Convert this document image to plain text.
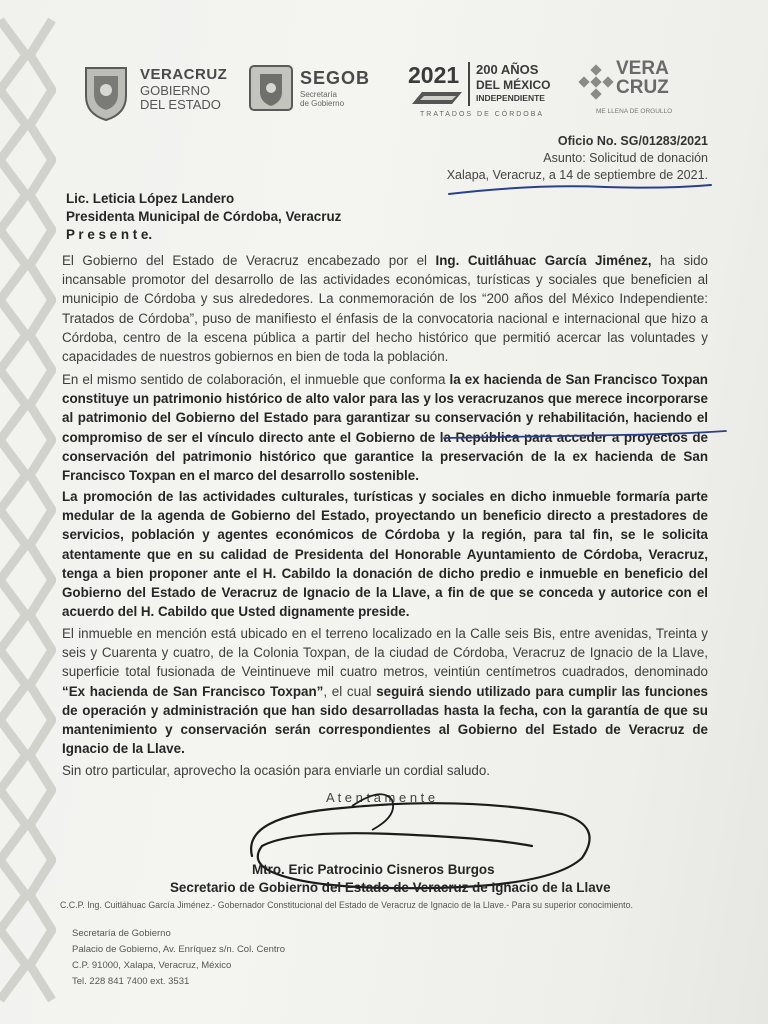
VERACRUZ
GOBIERNO
DEL ESTADO
SEGOB
Secretaría
de Gobierno
2021 200 AÑOS
DEL MÉXICO
INDEPENDIENTE
TRATADOS DE CÓRDOBA
VERA
CRUZ
ME LLENA DE ORGULLO
Oficio No. SG/01283/2021
Asunto: Solicitud de donación
Xalapa, Veracruz, a 14 de septiembre de 2021.
Lic. Leticia López Landero
Presidenta Municipal de Córdoba, Veracruz
P r e s e n t e.

El Gobierno del Estado de Veracruz encabezado por el Ing. Cuitláhuac García Jiménez, ha sido incansable promotor del desarrollo de las actividades económicas, turísticas y sociales que beneficien al municipio de Córdoba y sus alrededores. La conmemoración de los “200 años del México Independiente: Tratados de Córdoba”, puso de manifiesto el énfasis de la convocatoria nacional e internacional que hizo a Córdoba, centro de la escena pública a partir del hecho histórico que permitió acercar las voluntades y capacidades de nuestros gobiernos en bien de toda la población.

En el mismo sentido de colaboración, el inmueble que conforma la ex hacienda de San Francisco Toxpan constituye un patrimonio histórico de alto valor para las y los veracruzanos que merece incorporarse al patrimonio del Gobierno del Estado para garantizar su conservación y rehabilitación, haciendo el compromiso de ser el vínculo directo ante el Gobierno de la República para acceder a proyectos de conservación del patrimonio histórico que garantice la preservación de la ex hacienda de San Francisco Toxpan en el marco del desarrollo sostenible.

La promoción de las actividades culturales, turísticas y sociales en dicho inmueble formaría parte medular de la agenda de Gobierno del Estado, proyectando un beneficio directo a prestadores de servicios, población y agentes económicos de Córdoba y la región, para tal fin, se le solicita atentamente que en su calidad de Presidenta del Honorable Ayuntamiento de Córdoba, Veracruz, tenga a bien proponer ante el H. Cabildo la donación de dicho predio e inmueble en beneficio del Gobierno del Estado de Veracruz de Ignacio de la Llave, a fin de que se conceda y autorice con el acuerdo del H. Cabildo que Usted dignamente preside.

El inmueble en mención está ubicado en el terreno localizado en la Calle seis Bis, entre avenidas, Treinta y seis y Cuarenta y cuatro, de la Colonia Toxpan, de la ciudad de Córdoba, Veracruz de Ignacio de la Llave, superficie total fusionada de Veintinueve mil cuatro metros, veintiún centímetros cuadrados, denominado “Ex hacienda de San Francisco Toxpan”, el cual seguirá siendo utilizado para cumplir las funciones de operación y administración que han sido desarrolladas hasta la fecha, con la garantía de que su mantenimiento y conservación serán correspondientes al Gobierno del Estado de Veracruz de Ignacio de la Llave.

Sin otro particular, aprovecho la ocasión para enviarle un cordial saludo.

A t e n t a m e n t e
Mtro. Eric Patrocinio Cisneros Burgos
Secretario de Gobierno del Estado de Veracruz de Ignacio de la Llave
C.C.P. Ing. Cuitláhuac García Jiménez.- Gobernador Constitucional del Estado de Veracruz de Ignacio de la Llave.- Para su superior conocimiento.
Secretaría de Gobierno
Palacio de Gobierno, Av. Enríquez s/n. Col. Centro
C.P. 91000, Xalapa, Veracruz, México
Tel. 228 841 7400 ext. 3531
